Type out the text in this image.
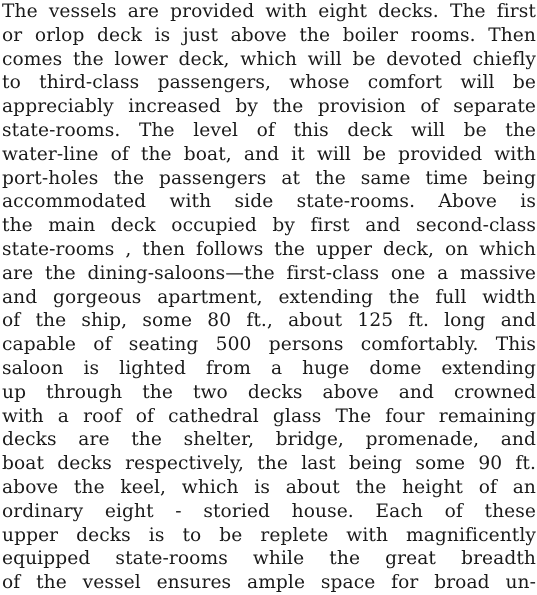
The vessels are provided with eight decks. The first
or orlop deck is just above the boiler rooms. Then
comes the lower deck, which will be devoted chiefly
to third-class passengers, whose comfort will be
appreciably increased by the provision of separate
state-rooms. The level of this deck will be the
water-line of the boat, and it will be provided with
port-holes the passengers at the same time being
accommodated with side state-rooms. Above is
the main deck occupied by first and second-class
state-rooms , then follows the upper deck, on which
are the dining-saloons—the first-class one a massive
and gorgeous apartment, extending the full width
of the ship, some 80 ft., about 125 ft. long and
capable of seating 500 persons comfortably. This
saloon is lighted from a huge dome extending
up through the two decks above and crowned
with a roof of cathedral glass The four remaining
decks are the shelter, bridge, promenade, and
boat decks respectively, the last being some 90 ft.
above the keel, which is about the height of an
ordinary eight - storied house. Each of these
upper decks is to be replete with magnificently
equipped state-rooms while the great breadth
of the vessel ensures ample space for broad un-
